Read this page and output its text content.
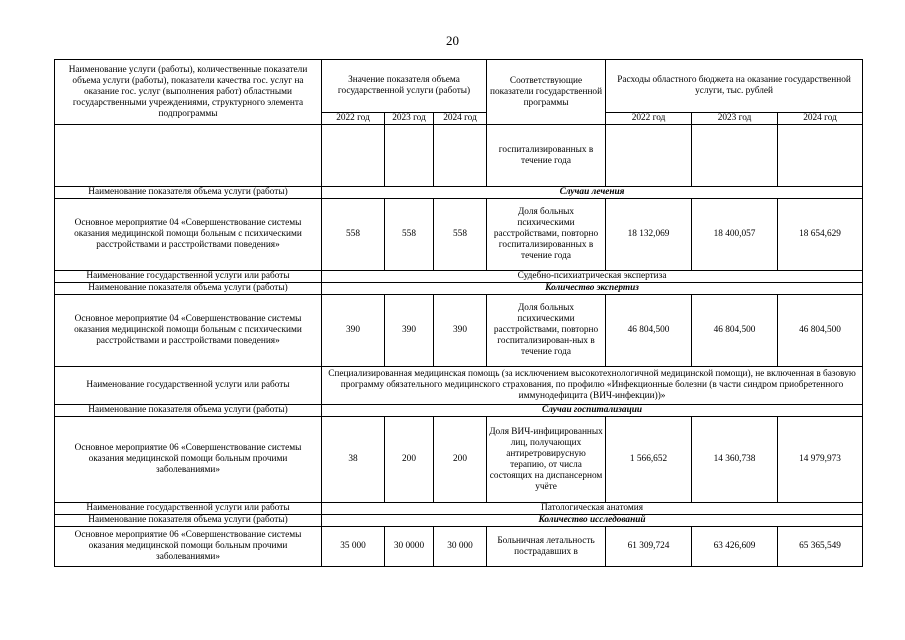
20
Наименование услуги (работы), количественные показатели объема услуги (работы), показатели качества гос. услуг на оказание гос. услуг (выполнения работ) областными государственными учреждениями, структурного элемента подпрограммы	Значение показателя объема государственной услуги (работы)			Соответствующие показатели государственной программы	Расходы областного бюджета на оказание государственной услуги, тыс. рублей		
	2022 год	2023 год	2024 год		2022 год	2023 год	2024 год
				госпитализированных в течение года			
Наименование показателя объема услуги (работы)	Случаи лечения						
Основное мероприятие 04 «Совершенствование системы оказания медицинской помощи больным с психическими расстройствами и расстройствами поведения»	558	558	558	Доля больных психическими расстройствами, повторно госпитализированных в течение года	18 132,069	18 400,057	18 654,629
Наименование государственной услуги или работы	Судебно-психиатрическая экспертиза						
Наименование показателя объема услуги (работы)	Количество экспертиз						
Основное мероприятие 04 «Совершенствование системы оказания медицинской помощи больным с психическими расстройствами и расстройствами поведения»	390	390	390	Доля больных психическими расстройствами, повторно госпитализирован-ных в течение года	46 804,500	46 804,500	46 804,500
Наименование государственной услуги или работы	Специализированная медицинская помощь (за исключением высокотехнологичной медицинской помощи), не включенная в базовую программу обязательного медицинского страхования, по профилю «Инфекционные болезни (в части синдром приобретенного иммунодефицита (ВИЧ-инфекции))»						
Наименование показателя объема услуги (работы)	Случаи госпитализации						
Основное мероприятие 06 «Совершенствование системы оказания медицинской помощи больным прочими заболеваниями»	38	200	200	Доля ВИЧ-инфицированных лиц, получающих антиретровирусную терапию, от числа состоящих на диспансерном учёте	1 566,652	14 360,738	14 979,973
Наименование государственной услуги или работы	Патологическая анатомия						
Наименование показателя объема услуги (работы)	Количество исследований						
Основное мероприятие 06 «Совершенствование системы оказания медицинской помощи больным прочими заболеваниями»	35 000	30 0000	30 000	Больничная летальность пострадавших в	61 309,724	63 426,609	65 365,549
